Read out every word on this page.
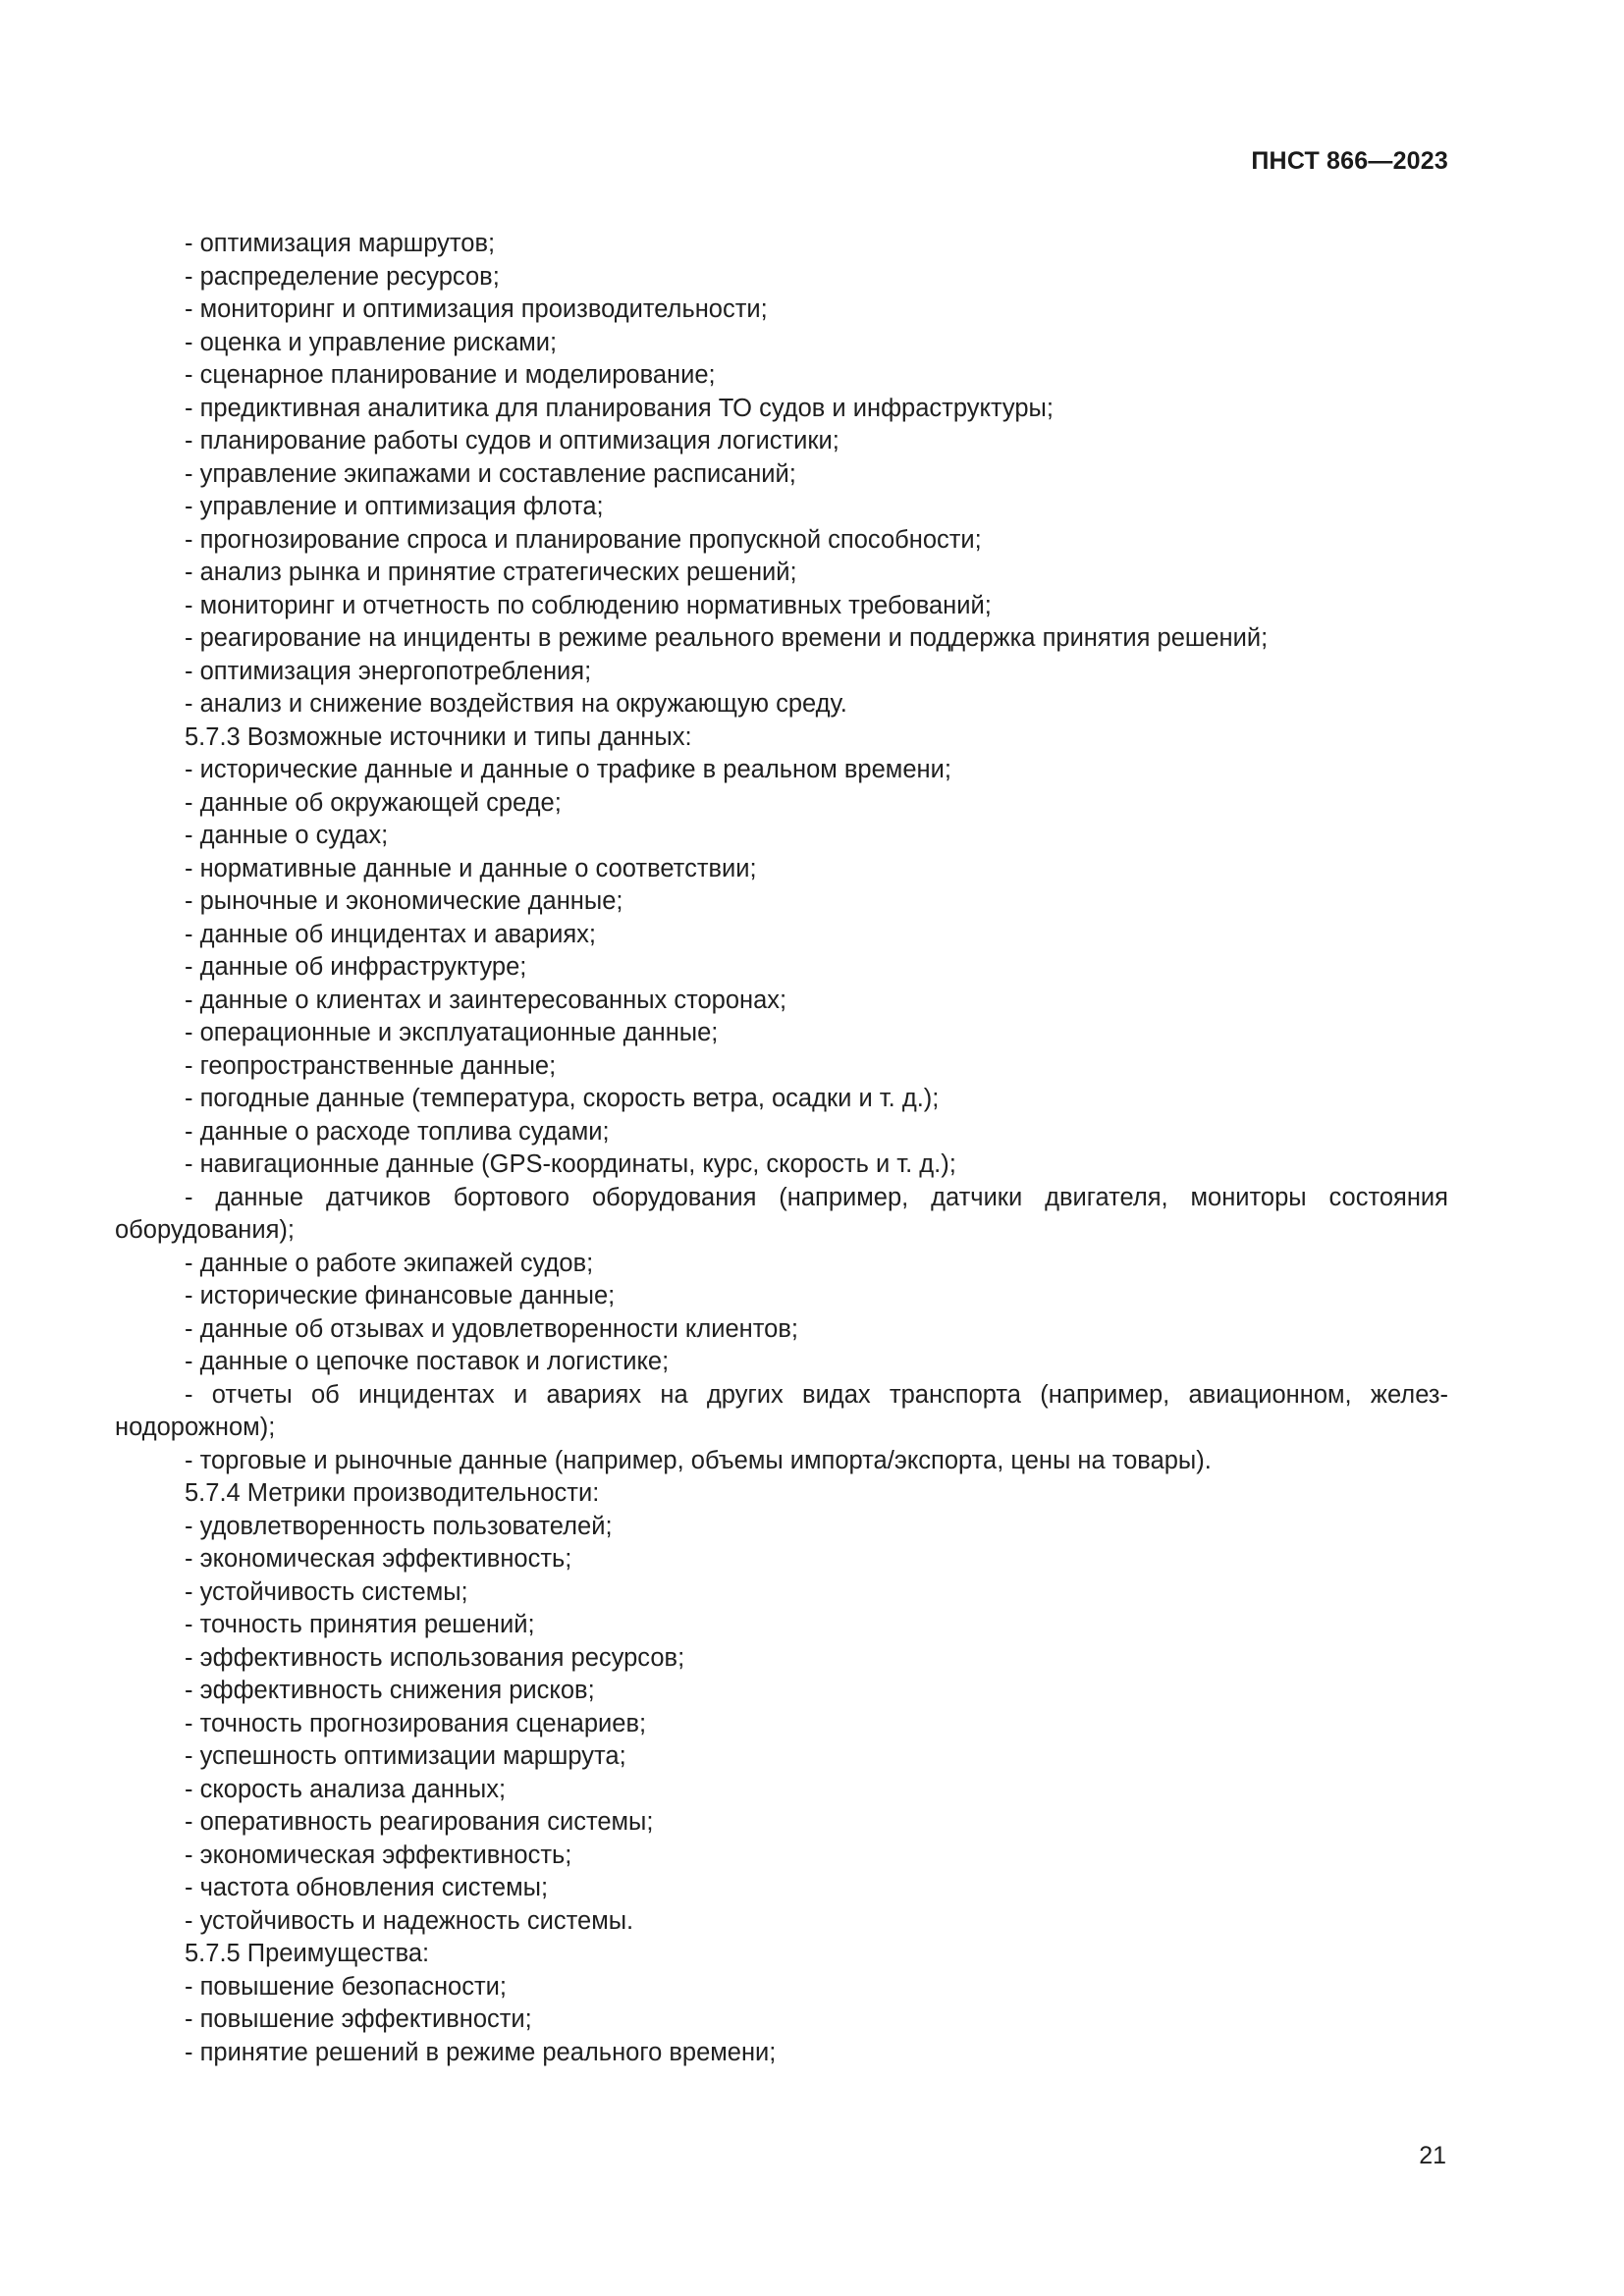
ПНСТ 866—2023

- оптимизация маршрутов;

- распределение ресурсов;

- мониторинг и оптимизация производительности;

- оценка и управление рисками;

- сценарное планирование и моделирование;

- предиктивная аналитика для планирования ТО судов и инфраструктуры;

- планирование работы судов и оптимизация логистики;

- управление экипажами и составление расписаний;

- управление и оптимизация флота;

- прогнозирование спроса и планирование пропускной способности;

- анализ рынка и принятие стратегических решений;

- мониторинг и отчетность по соблюдению нормативных требований;

- реагирование на инциденты в режиме реального времени и поддержка принятия решений;

- оптимизация энергопотребления;

- анализ и снижение воздействия на окружающую среду.

5.7.3 Возможные источники и типы данных:

- исторические данные и данные о трафике в реальном времени;

- данные об окружающей среде;

- данные о судах;

- нормативные данные и данные о соответствии;

- рыночные и экономические данные;

- данные об инцидентах и авариях;

- данные об инфраструктуре;

- данные о клиентах и заинтересованных сторонах;

- операционные и эксплуатационные данные;

- геопространственные данные;

- погодные данные (температура, скорость ветра, осадки и т. д.);

- данные о расходе топлива судами;

- навигационные данные (GPS-координаты, курс, скорость и т. д.);

- данные датчиков бортового оборудования (например, датчики двигателя, мониторы состояния оборудования);

- данные о работе экипажей судов;

- исторические финансовые данные;

- данные об отзывах и удовлетворенности клиентов;

- данные о цепочке поставок и логистике;

- отчеты об инцидентах и авариях на других видах транспорта (например, авиационном, желез-нодорожном);

- торговые и рыночные данные (например, объемы импорта/экспорта, цены на товары).

5.7.4 Метрики производительности:

- удовлетворенность пользователей;

- экономическая эффективность;

- устойчивость системы;

- точность принятия решений;

- эффективность использования ресурсов;

- эффективность снижения рисков;

- точность прогнозирования сценариев;

- успешность оптимизации маршрута;

- скорость анализа данных;

- оперативность реагирования системы;

- экономическая эффективность;

- частота обновления системы;

- устойчивость и надежность системы.

5.7.5 Преимущества:

- повышение безопасности;

- повышение эффективности;

- принятие решений в режиме реального времени;

21
